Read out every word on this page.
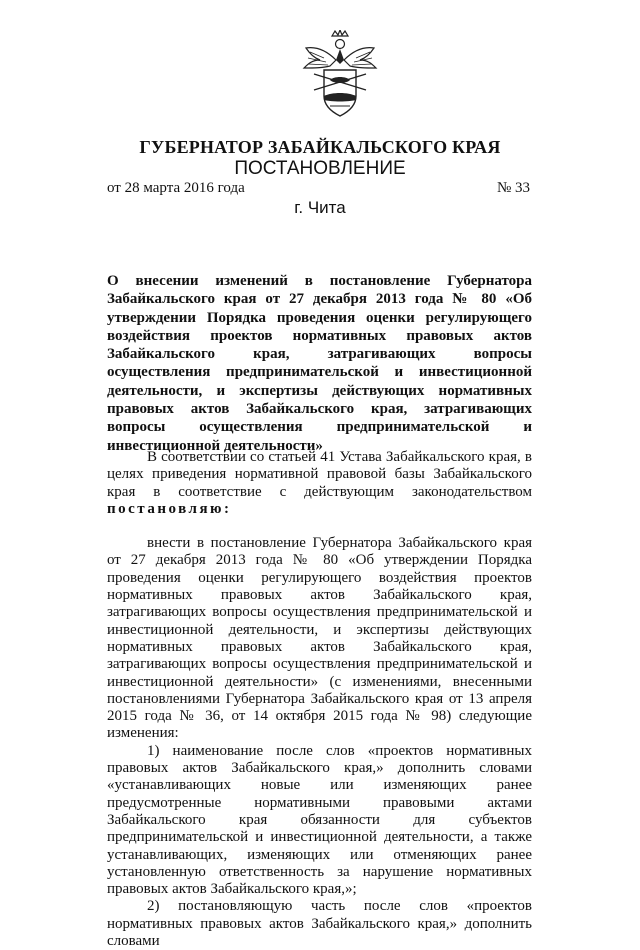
ГУБЕРНАТОР ЗАБАЙКАЛЬСКОГО КРАЯ
ПОСТАНОВЛЕНИЕ
от 28 марта 2016 года	№ 33
г. Чита
О внесении изменений в постановление Губернатора Забайкальского края от 27 декабря 2013 года № 80 «Об утверждении Порядка проведения оценки регулирующего воздействия проектов нормативных правовых актов Забайкальского края, затрагивающих вопросы осуществления предпринимательской и инвестиционной деятельности, и экспертизы действующих нормативных правовых актов Забайкальского края, затрагивающих вопросы осуществления предпринимательской и инвестиционной деятельности»

В соответствии со статьей 41 Устава Забайкальского края, в целях приведения нормативной правовой базы Забайкальского края в соответствие с действующим законодательством постановляю:

внести в постановление Губернатора Забайкальского края от 27 декабря 2013 года № 80 «Об утверждении Порядка проведения оценки регулирующего воздействия проектов нормативных правовых актов Забайкальского края, затрагивающих вопросы осуществления предпринимательской и инвестиционной деятельности, и экспертизы действующих нормативных правовых актов Забайкальского края, затрагивающих вопросы осуществления предпринимательской и инвестиционной деятельности» (с изменениями, внесенными постановлениями Губернатора Забайкальского края от 13 апреля 2015 года № 36, от 14 октября 2015 года № 98) следующие изменения:

1) наименование после слов «проектов нормативных правовых актов Забайкальского края,» дополнить словами «устанавливающих новые или изменяющих ранее предусмотренные нормативными правовыми актами Забайкальского края обязанности для субъектов предпринимательской и инвестиционной деятельности, а также устанавливающих, изменяющих или отменяющих ранее установленную ответственность за нарушение нормативных правовых актов Забайкальского края,»;

2) постановляющую часть после слов «проектов нормативных правовых актов Забайкальского края,» дополнить словами
